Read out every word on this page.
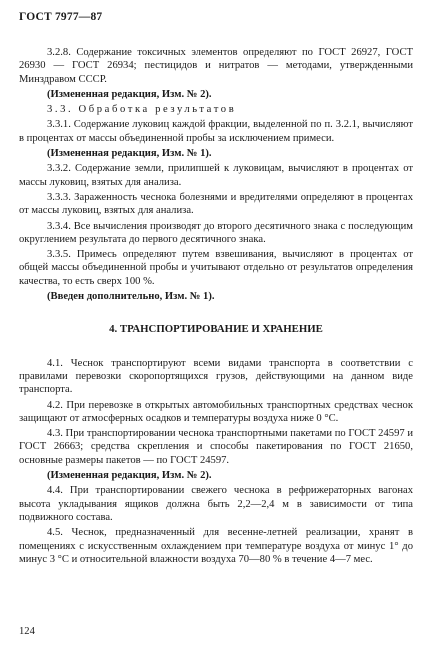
ГОСТ 7977—87

3.2.8. Содержание токсичных элементов определяют по ГОСТ 26927, ГОСТ 26930 — ГОСТ 26934; пестицидов и нитратов — методами, утвержденными Минздравом СССР.

(Измененная редакция, Изм. № 2).

3.3. Обработка результатов

3.3.1. Содержание луковиц каждой фракции, выделенной по п. 3.2.1, вычисляют в процентах от массы объединенной пробы за исключением примеси.

(Измененная редакция, Изм. № 1).

3.3.2. Содержание земли, прилипшей к луковицам, вычисляют в процентах от массы луковиц, взятых для анализа.

3.3.3. Зараженность чеснока болезнями и вредителями определяют в процентах от массы луковиц, взятых для анализа.

3.3.4. Все вычисления производят до второго десятичного знака с последующим округлением результата до первого десятичного знака.

3.3.5. Примесь определяют путем взвешивания, вычисляют в процентах от общей массы объединенной пробы и учитывают отдельно от результатов определения качества, то есть сверх 100 %.

(Введен дополнительно, Изм. № 1).

4. ТРАНСПОРТИРОВАНИЕ И ХРАНЕНИЕ

4.1. Чеснок транспортируют всеми видами транспорта в соответствии с правилами перевозки скоропортящихся грузов, действующими на данном виде транспорта.

4.2. При перевозке в открытых автомобильных транспортных средствах чеснок защищают от атмосферных осадков и температуры воздуха ниже 0 °С.

4.3. При транспортировании чеснока транспортными пакетами по ГОСТ 24597 и ГОСТ 26663; средства скрепления и способы пакетирования по ГОСТ 21650, основные размеры пакетов — по ГОСТ 24597.

(Измененная редакция, Изм. № 2).

4.4. При транспортировании свежего чеснока в рефрижераторных вагонах высота укладывания ящиков должна быть 2,2—2,4 м в зависимости от типа подвижного состава.

4.5. Чеснок, предназначенный для весенне-летней реализации, хранят в помещениях с искусственным охлаждением при температуре воздуха от минус 1° до минус 3 °С и относительной влажности воздуха 70—80 % в течение 4—7 мес.

124
